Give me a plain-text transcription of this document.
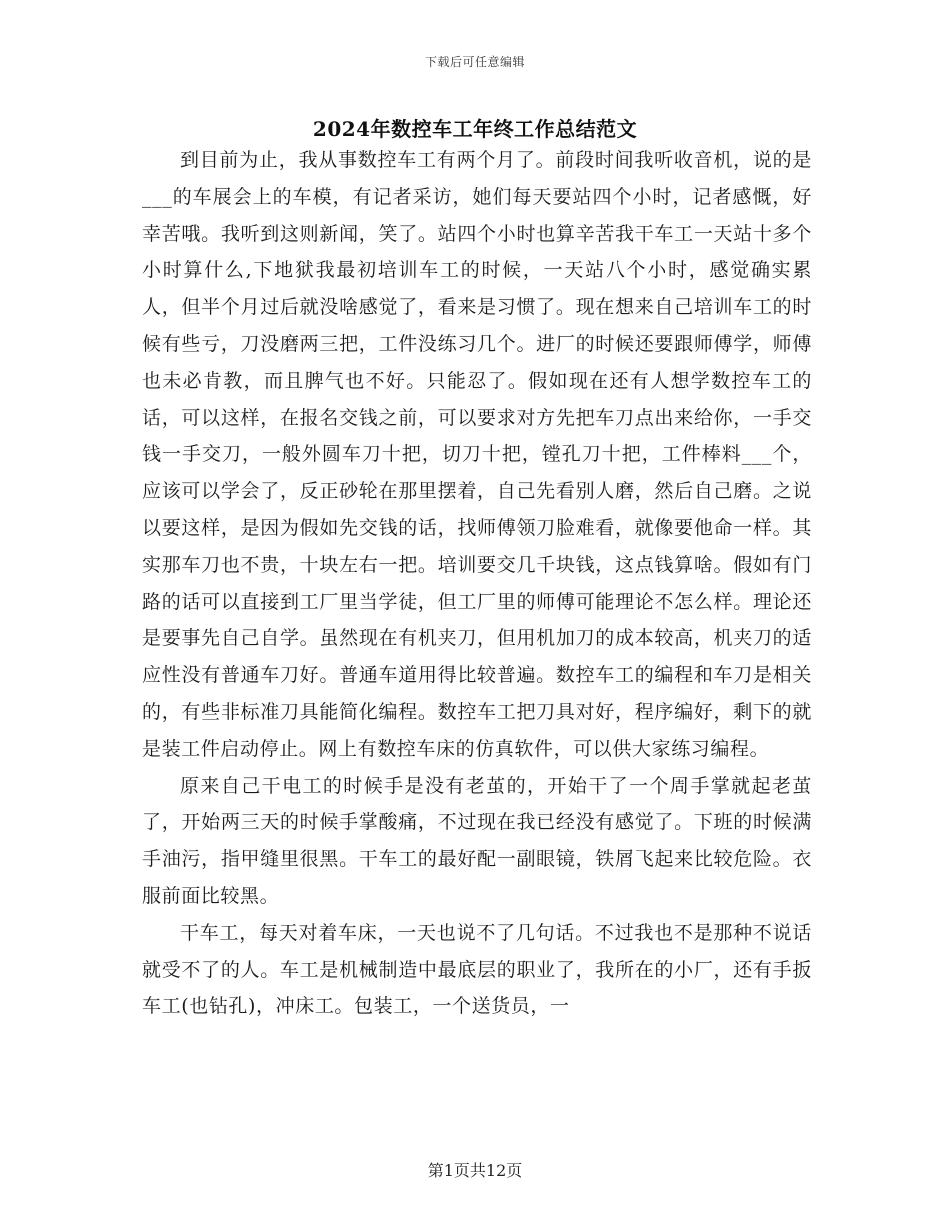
下载后可任意编辑
2024年数控车工年终工作总结范文

到目前为止，我从事数控车工有两个月了。前段时间我听收音机，说的是___的车展会上的车模，有记者采访，她们每天要站四个小时，记者感慨，好幸苦哦。我听到这则新闻，笑了。站四个小时也算辛苦我干车工一天站十多个小时算什么,下地狱我最初培训车工的时候，一天站八个小时，感觉确实累人，但半个月过后就没啥感觉了，看来是习惯了。现在想来自己培训车工的时候有些亏，刀没磨两三把，工件没练习几个。进厂的时候还要跟师傅学，师傅也未必肯教，而且脾气也不好。只能忍了。假如现在还有人想学数控车工的话，可以这样，在报名交钱之前，可以要求对方先把车刀点出来给你，一手交钱一手交刀，一般外圆车刀十把，切刀十把，镗孔刀十把，工件棒料___个，应该可以学会了，反正砂轮在那里摆着，自己先看别人磨，然后自己磨。之说以要这样，是因为假如先交钱的话，找师傅领刀脸难看，就像要他命一样。其实那车刀也不贵，十块左右一把。培训要交几千块钱，这点钱算啥。假如有门路的话可以直接到工厂里当学徒，但工厂里的师傅可能理论不怎么样。理论还是要事先自己自学。虽然现在有机夹刀，但用机加刀的成本较高，机夹刀的适应性没有普通车刀好。普通车道用得比较普遍。数控车工的编程和车刀是相关的，有些非标准刀具能简化编程。数控车工把刀具对好，程序编好，剩下的就是装工件启动停止。网上有数控车床的仿真软件，可以供大家练习编程。

原来自己干电工的时候手是没有老茧的，开始干了一个周手掌就起老茧了，开始两三天的时候手掌酸痛，不过现在我已经没有感觉了。下班的时候满手油污，指甲缝里很黑。干车工的最好配一副眼镜，铁屑飞起来比较危险。衣服前面比较黑。

干车工，每天对着车床，一天也说不了几句话。不过我也不是那种不说话就受不了的人。车工是机械制造中最底层的职业了，我所在的小厂，还有手扳车工(也钻孔)，冲床工。包装工，一个送货员，一

第1页共12页
